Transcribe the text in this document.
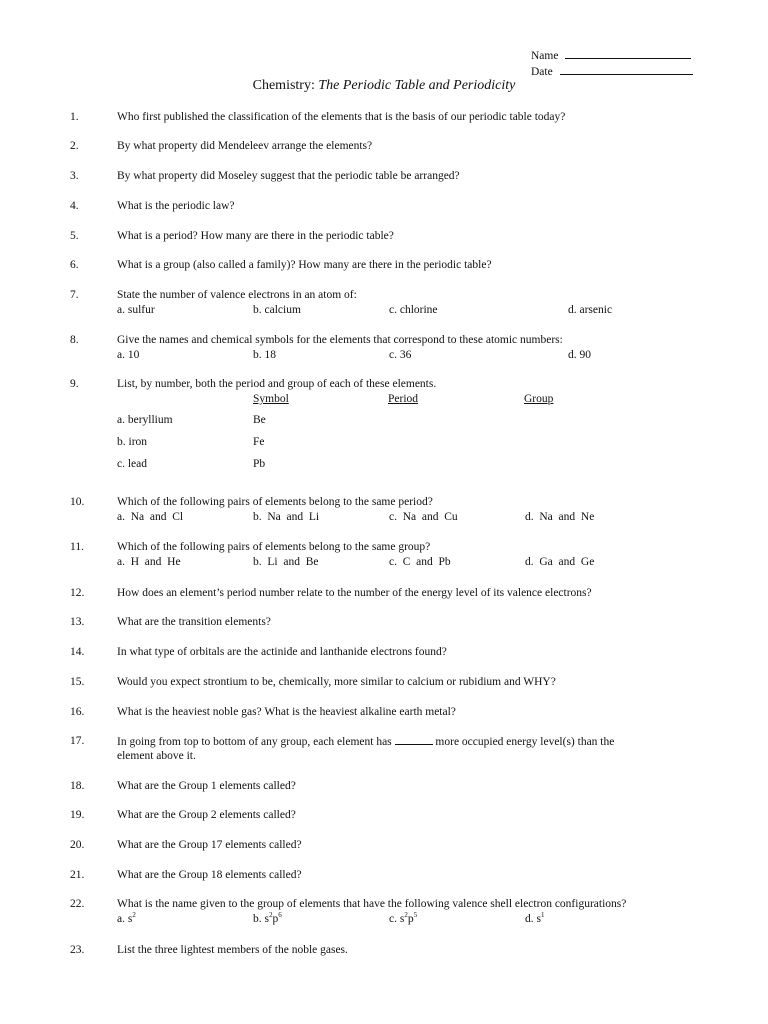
Name
Date
Chemistry: The Periodic Table and Periodicity
1.	Who first published the classification of the elements that is the basis of our periodic table today?
2.	By what property did Mendeleev arrange the elements?
3.	By what property did Moseley suggest that the periodic table be arranged?
4.	What is the periodic law?
5.	What is a period? How many are there in the periodic table?
6.	What is a group (also called a family)? How many are there in the periodic table?
7.	State the number of valence electrons in an atom of:
a. sulfur	b. calcium	c. chlorine	d. arsenic
8.	Give the names and chemical symbols for the elements that correspond to these atomic numbers:
a. 10	b. 18	c. 36	d. 90
9.	List, by number, both the period and group of each of these elements.
Symbol	Period	Group
a. beryllium	Be
b. iron	Fe
c. lead	Pb
10.	Which of the following pairs of elements belong to the same period?
a.  Na  and  Cl	b.  Na  and  Li	c.  Na  and  Cu	d.  Na  and  Ne
11.	Which of the following pairs of elements belong to the same group?
a.  H  and  He	b.  Li  and  Be	c.  C  and  Pb	d.  Ga  and  Ge
12.	How does an element’s period number relate to the number of the energy level of its valence electrons?
13.	What are the transition elements?
14.	In what type of orbitals are the actinide and lanthanide electrons found?
15.	Would you expect strontium to be, chemically, more similar to calcium or rubidium and WHY?
16.	What is the heaviest noble gas? What is the heaviest alkaline earth metal?
17.	In going from top to bottom of any group, each element has	more occupied energy level(s) than the
element above it.
18.	What are the Group 1 elements called?
19.	What are the Group 2 elements called?
20.	What are the Group 17 elements called?
21.	What are the Group 18 elements called?
22.	What is the name given to the group of elements that have the following valence shell electron configurations?
a. $s^2$	b. $s^2p^6$	c. $s^2p^5$	d. $s^1$
23.	List the three lightest members of the noble gases.
